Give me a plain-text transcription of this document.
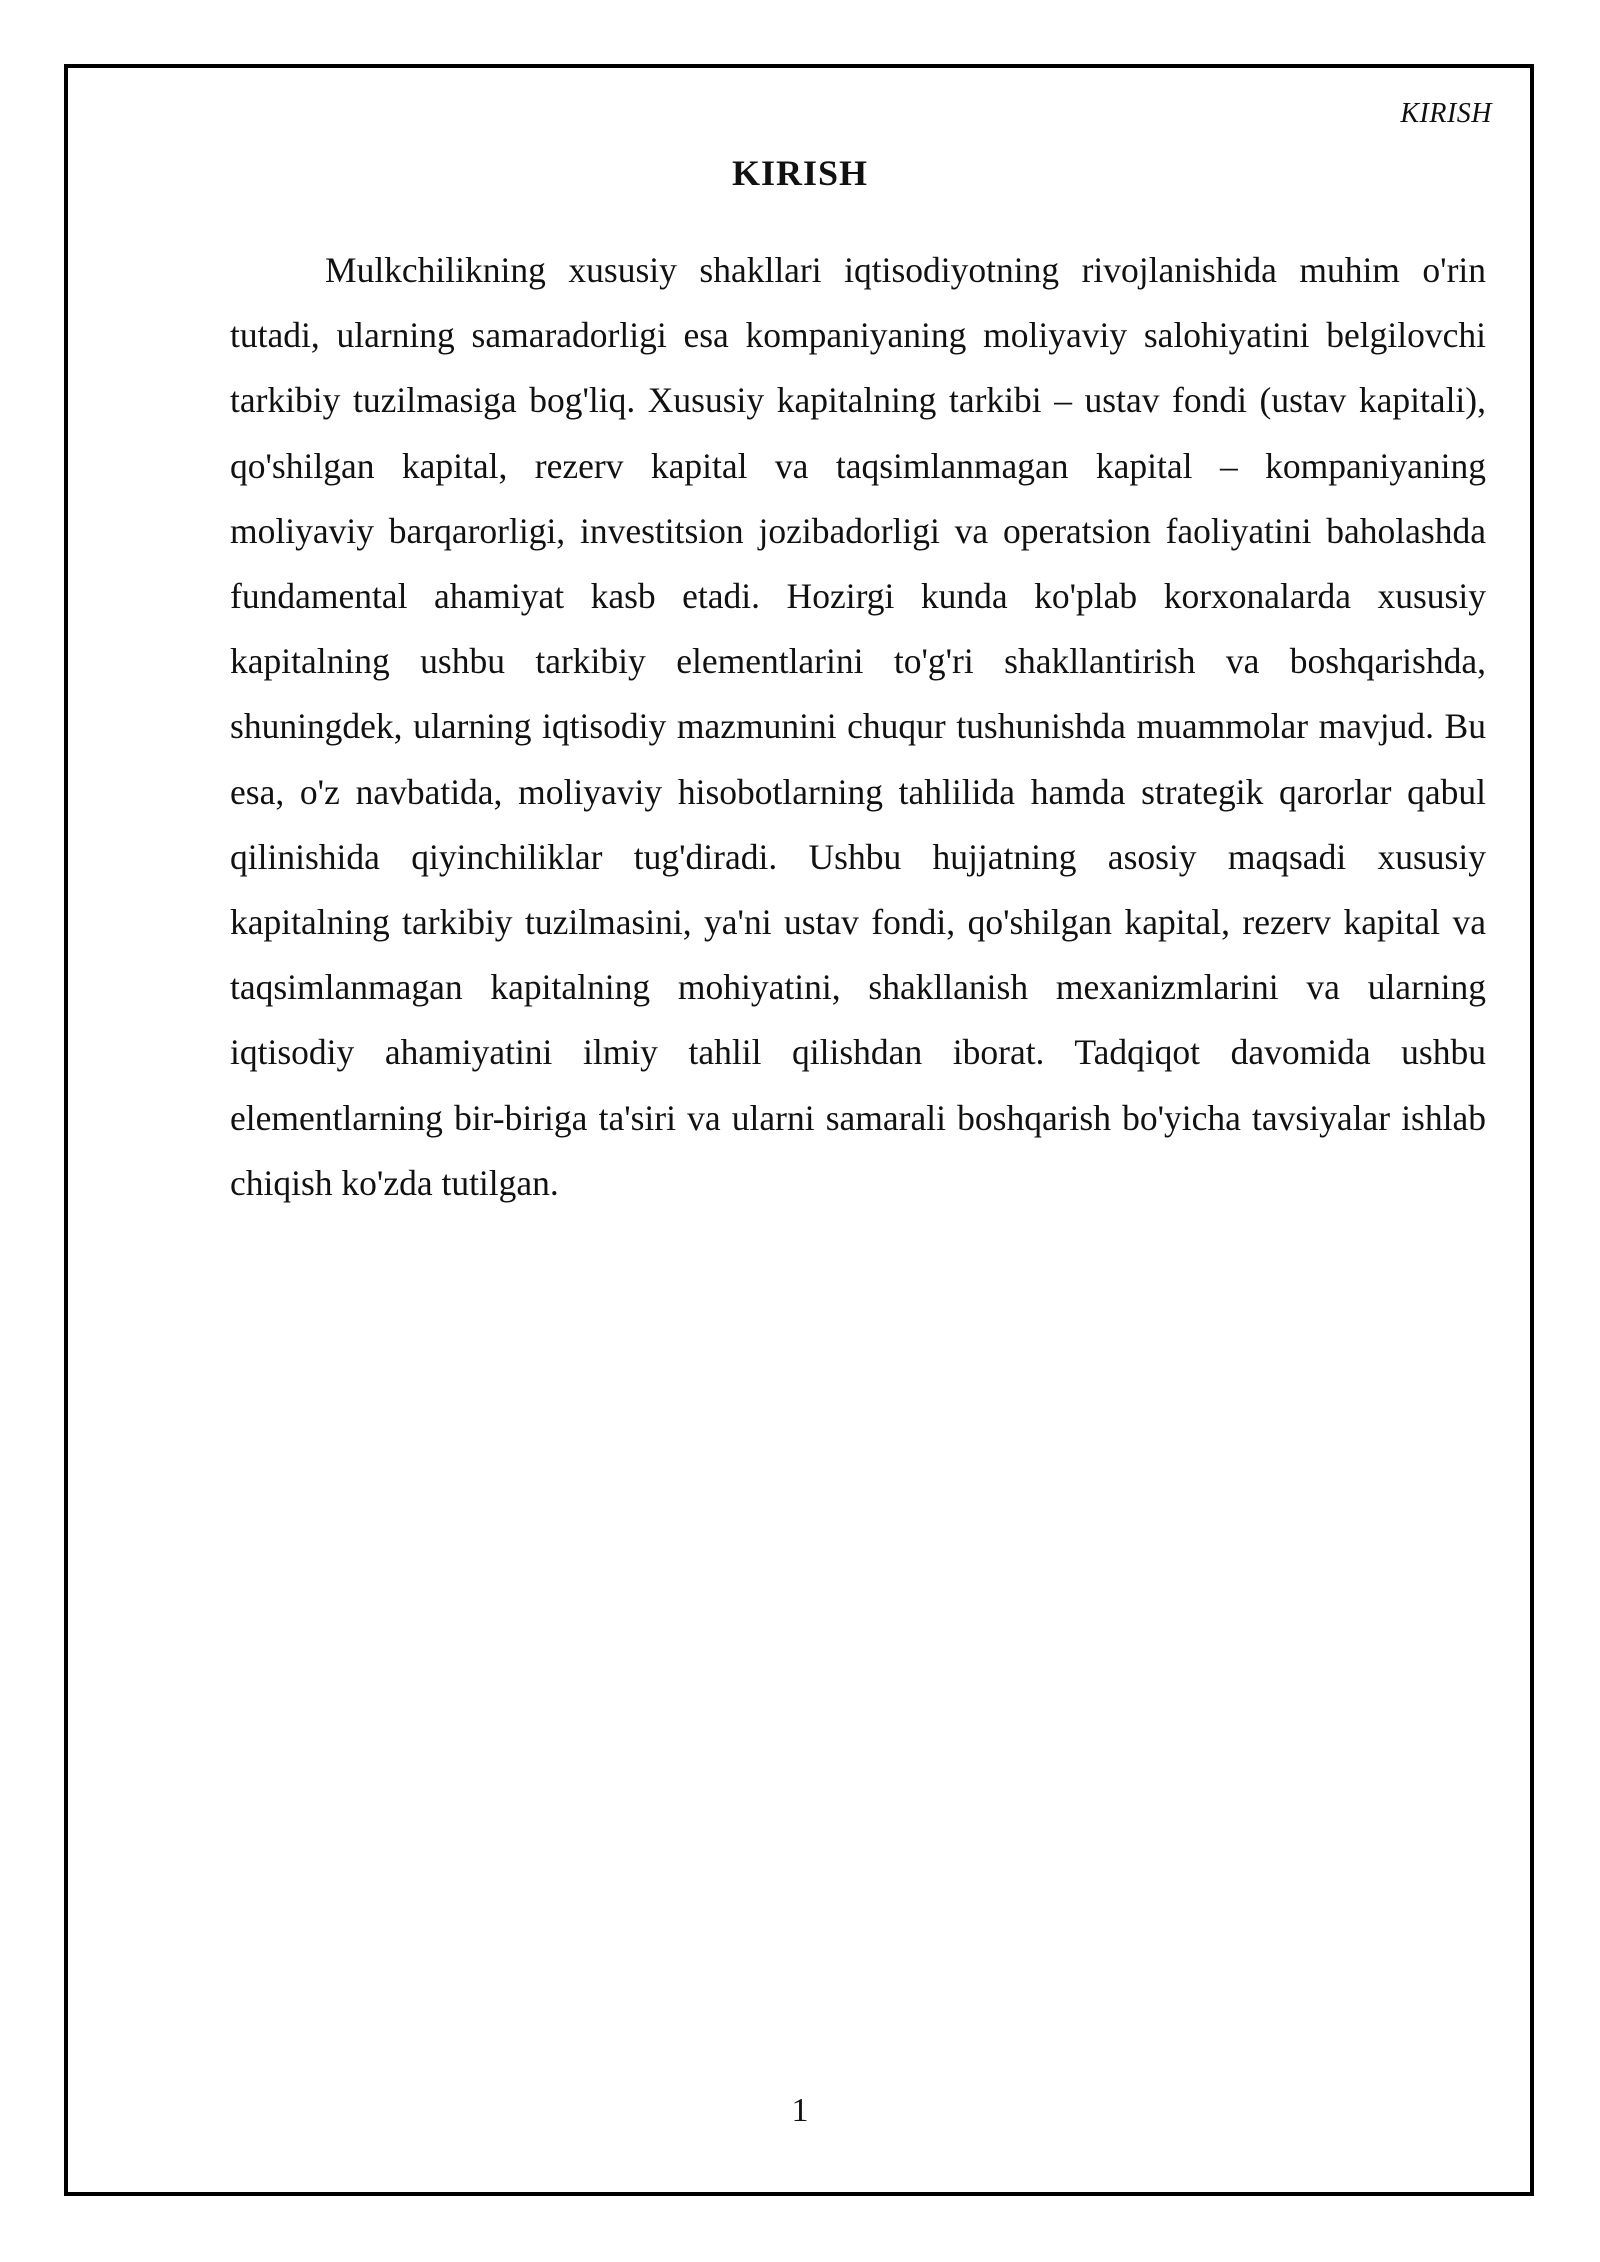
KIRISH
KIRISH

Mulkchilikning xususiy shakllari iqtisodiyotning rivojlanishida muhim o'rin tutadi, ularning samaradorligi esa kompaniyaning moliyaviy salohiyatini belgilovchi tarkibiy tuzilmasiga bog'liq. Xususiy kapitalning tarkibi – ustav fondi (ustav kapitali), qo'shilgan kapital, rezerv kapital va taqsimlanmagan kapital – kompaniyaning moliyaviy barqarorligi, investitsion jozibadorligi va operatsion faoliyatini baholashda fundamental ahamiyat kasb etadi. Hozirgi kunda ko'plab korxonalarda xususiy kapitalning ushbu tarkibiy elementlarini to'g'ri shakllantirish va boshqarishda, shuningdek, ularning iqtisodiy mazmunini chuqur tushunishda muammolar mavjud. Bu esa, o'z navbatida, moliyaviy hisobotlarning tahlilida hamda strategik qarorlar qabul qilinishida qiyinchiliklar tug'diradi. Ushbu hujjatning asosiy maqsadi xususiy kapitalning tarkibiy tuzilmasini, ya'ni ustav fondi, qo'shilgan kapital, rezerv kapital va taqsimlanmagan kapitalning mohiyatini, shakllanish mexanizmlarini va ularning iqtisodiy ahamiyatini ilmiy tahlil qilishdan iborat. Tadqiqot davomida ushbu elementlarning bir-biriga ta'siri va ularni samarali boshqarish bo'yicha tavsiyalar ishlab chiqish ko'zda tutilgan.

1
